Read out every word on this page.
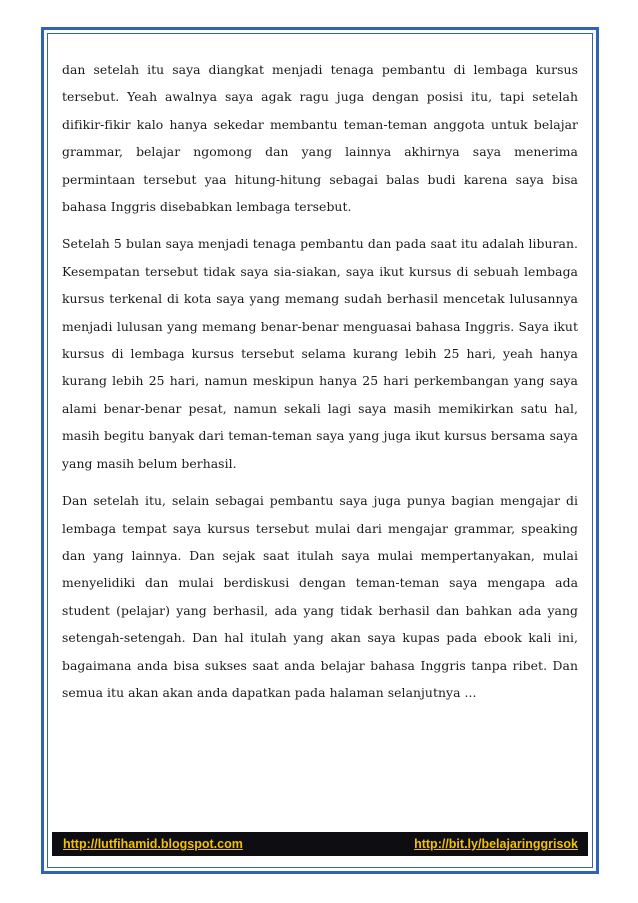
dan setelah itu saya diangkat menjadi tenaga pembantu di lembaga kursus tersebut. Yeah awalnya saya agak ragu juga dengan posisi itu, tapi setelah difikir-fikir kalo hanya sekedar membantu teman-teman anggota untuk belajar grammar, belajar ngomong dan yang lainnya akhirnya saya menerima permintaan tersebut yaa hitung-hitung sebagai balas budi karena saya bisa bahasa Inggris disebabkan lembaga tersebut.

Setelah 5 bulan saya menjadi tenaga pembantu dan pada saat itu adalah liburan. Kesempatan tersebut tidak saya sia-siakan, saya ikut kursus di sebuah lembaga kursus terkenal di kota saya yang memang sudah berhasil mencetak lulusannya menjadi lulusan yang memang benar-benar menguasai bahasa Inggris. Saya ikut kursus di lembaga kursus tersebut selama kurang lebih 25 hari, yeah hanya kurang lebih 25 hari, namun meskipun hanya 25 hari perkembangan yang saya alami benar-benar pesat, namun sekali lagi saya masih memikirkan satu hal, masih begitu banyak dari teman-teman saya yang juga ikut kursus bersama saya yang masih belum berhasil.

Dan setelah itu, selain sebagai pembantu saya juga punya bagian mengajar di lembaga tempat saya kursus tersebut mulai dari mengajar grammar, speaking dan yang lainnya. Dan sejak saat itulah saya mulai mempertanyakan, mulai menyelidiki dan mulai berdiskusi dengan teman-teman saya mengapa ada student (pelajar) yang berhasil, ada yang tidak berhasil dan bahkan ada yang setengah-setengah. Dan hal itulah yang akan saya kupas pada ebook kali ini, bagaimana anda bisa sukses saat anda belajar bahasa Inggris tanpa ribet. Dan semua itu akan akan anda dapatkan pada halaman selanjutnya ...

http://lutfihamid.blogspot.com	http://bit.ly/belajaringgrisok
